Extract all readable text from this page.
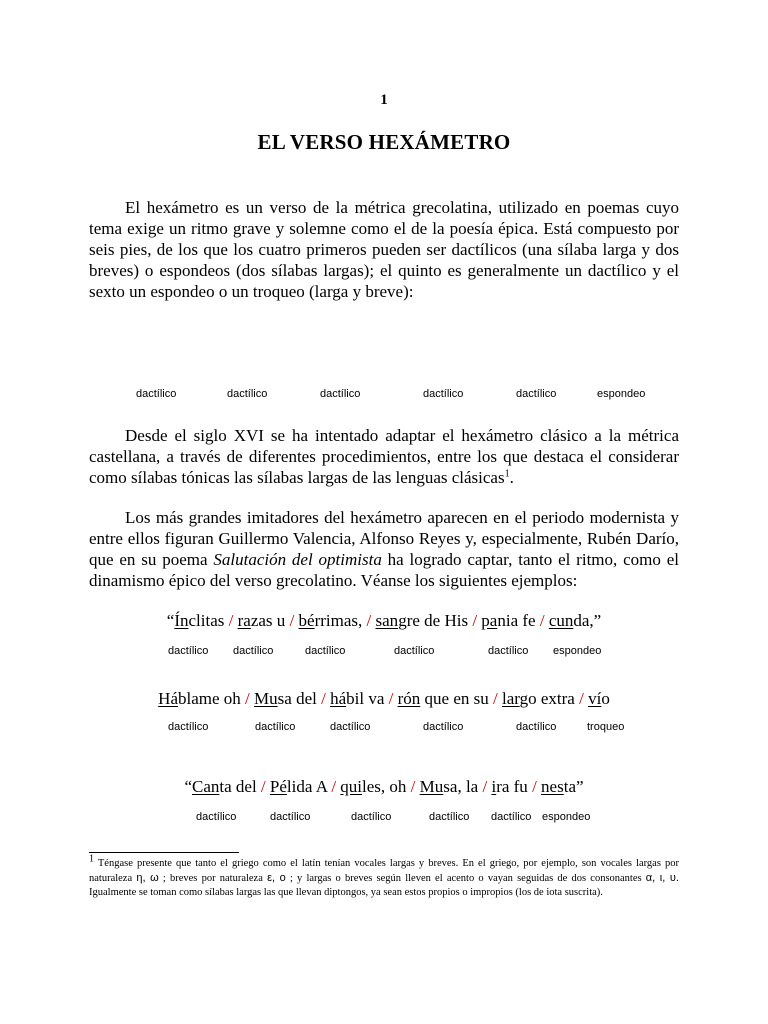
1
EL VERSO HEXÁMETRO

El hexámetro es un verso de la métrica grecolatina, utilizado en poemas cuyo tema exige un ritmo grave y solemne como el de la poesía épica. Está compuesto por seis pies, de los que los cuatro primeros pueden ser dactílicos (una sílaba larga y dos breves) o espondeos (dos sílabas largas); el quinto es generalmente un dactílico y el sexto un espondeo o un troqueo (larga y breve):

dactílico	dactílico	dactílico	dactílico	dactílico	espondeo

Desde el siglo XVI se ha intentado adaptar el hexámetro clásico a la métrica castellana, a través de diferentes procedimientos, entre los que destaca el considerar como sílabas tónicas las sílabas largas de las lenguas clásicas$^1$.

Los más grandes imitadores del hexámetro aparecen en el periodo modernista y entre ellos figuran Guillermo Valencia, Alfonso Reyes y, especialmente, Rubén Darío, que en su poema Salutación del optimista ha logrado captar, tanto el ritmo, como el dinamismo épico del verso grecolatino. Véanse los siguientes ejemplos:

“Ínclitas / razas u / bérrimas, / sangre de His / pania fe / cunda,”
dactílico dactílico	dactílico	dactílico	dactílico espondeo
Háblame oh / Musa del / hábil va / rón que en su / largo extra / vío
dactílico	dactílico	dactílico	dactílico	dactílico	troqueo
“Canta del / Pélida A / quiles, oh / Musa, la / ira fu / nesta”
dactílico	dactílico	dactílico	dactílico dactílico espondeo

$^1$ Téngase presente que tanto el griego como el latín tenían vocales largas y breves. En el griego, por ejemplo, son vocales largas por naturaleza η, ω ; breves por naturaleza ε, ο ; y largas o breves según lleven el acento o vayan seguidas de dos consonantes α, ι, υ. Igualmente se toman como sílabas largas las que llevan diptongos, ya sean estos propios o impropios (los de iota suscrita).
